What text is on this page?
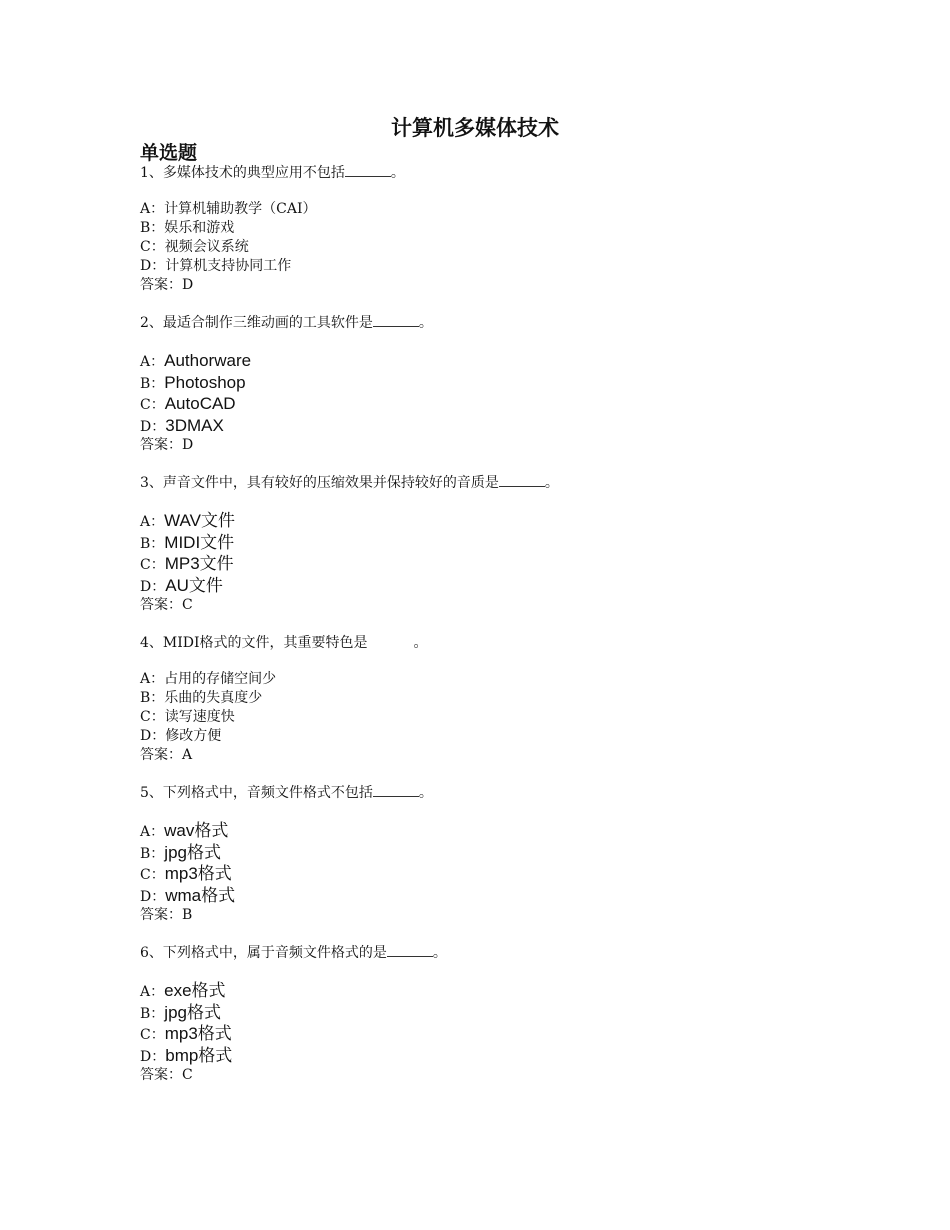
计算机多媒体技术
单选题
1、多媒体技术的典型应用不包括	。
A：计算机辅助教学（CAI）
B：娱乐和游戏
C：视频会议系统
D：计算机支持协同工作
答案：D
2、最适合制作三维动画的工具软件是	。
A：Authorware
B：Photoshop
C：AutoCAD
D：3DMAX
答案：D
3、声音文件中，具有较好的压缩效果并保持较好的音质是	。
A：WAV文件
B：MIDI文件
C：MP3文件
D：AU文件
答案：C
4、MIDI格式的文件，其重要特色是	。
A：占用的存储空间少
B：乐曲的失真度少
C：读写速度快
D：修改方便
答案：A
5、下列格式中，音频文件格式不包括	。
A：wav格式
B：jpg格式
C：mp3格式
D：wma格式
答案：B
6、下列格式中，属于音频文件格式的是	。
A：exe格式
B：jpg格式
C：mp3格式
D：bmp格式
答案：C
